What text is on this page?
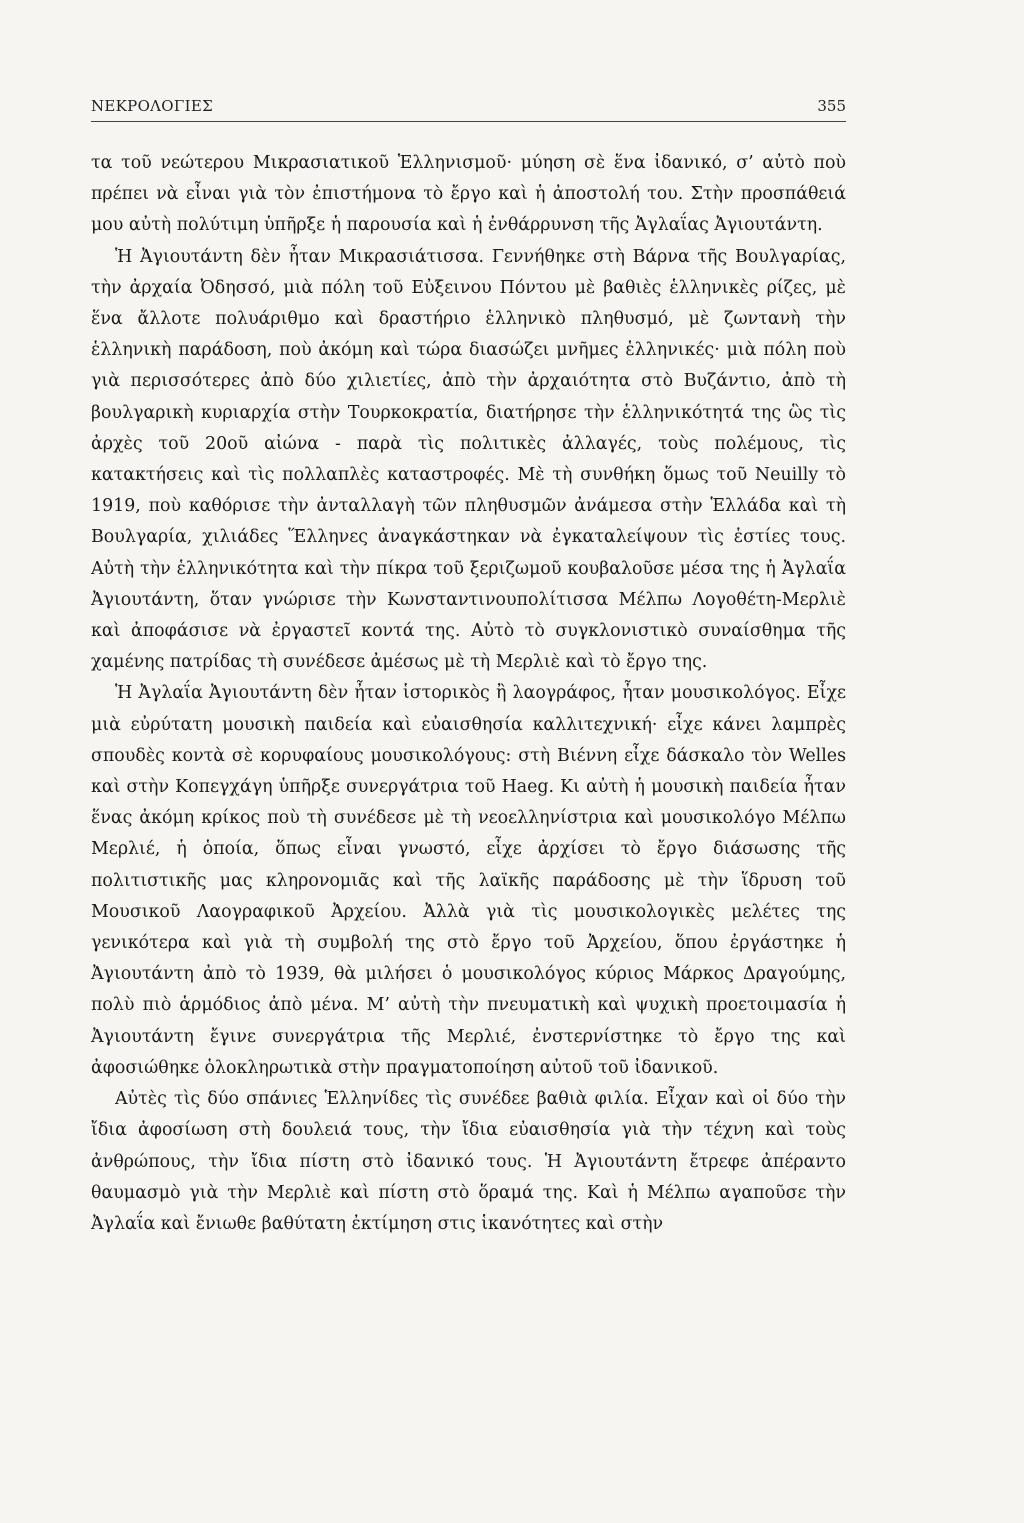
ΝΕΚΡΟΛΟΓΙΕΣ	355

τα τοῦ νεώτερου Μικρασιατικοῦ Ἑλληνισμοῦ· μύηση σὲ ἕνα ἰδανικό, σ’ αὐτὸ ποὺ πρέπει νὰ εἶναι γιὰ τὸν ἐπιστήμονα τὸ ἔργο καὶ ἡ ἀποστολή του. Στὴν προσπάθειά μου αὐτὴ πολύτιμη ὑπῆρξε ἡ παρουσία καὶ ἡ ἐνθάρρυνση τῆς Ἀγλαΐας Ἀγιουτάντη.

Ἡ Ἀγιουτάντη δὲν ἦταν Μικρασιάτισσα. Γεννήθηκε στὴ Βάρνα τῆς Βουλγαρίας, τὴν ἀρχαία Ὀδησσό, μιὰ πόλη τοῦ Εὐξεινου Πόντου μὲ βαθιὲς ἑλληνικὲς ρίζες, μὲ ἕνα ἄλλοτε πολυάριθμο καὶ δραστήριο ἑλληνικὸ πληθυσμό, μὲ ζωντανὴ τὴν ἑλληνικὴ παράδοση, ποὺ ἀκόμη καὶ τώρα διασώζει μνῆμες ἑλληνικές· μιὰ πόλη ποὺ γιὰ περισσότερες ἀπὸ δύο χιλιετίες, ἀπὸ τὴν ἀρχαιότητα στὸ Βυζάντιο, ἀπὸ τὴ βουλγαρικὴ κυριαρχία στὴν Τουρκοκρατία, διατήρησε τὴν ἑλληνικότητά της ὣς τὶς ἀρχὲς τοῦ 20οῦ αἰώνα - παρὰ τὶς πολιτικὲς ἀλλαγές, τοὺς πολέμους, τὶς κατακτήσεις καὶ τὶς πολλαπλὲς καταστροφές. Μὲ τὴ συνθήκη ὅμως τοῦ Neuilly τὸ 1919, ποὺ καθόρισε τὴν ἀνταλλαγὴ τῶν πληθυσμῶν ἀνάμεσα στὴν Ἑλλάδα καὶ τὴ Βουλγαρία, χιλιάδες Ἕλληνες ἀναγκάστηκαν νὰ ἐγκαταλείψουν τὶς ἑστίες τους. Αὐτὴ τὴν ἑλληνικότητα καὶ τὴν πίκρα τοῦ ξεριζωμοῦ κουβαλοῦσε μέσα της ἡ Ἀγλαΐα Ἀγιουτάντη, ὅταν γνώρισε τὴν Κωνσταντινουπολίτισσα Μέλπω Λογοθέτη-Μερλιὲ καὶ ἀποφάσισε νὰ ἐργαστεῖ κοντά της. Αὐτὸ τὸ συγκλονιστικὸ συναίσθημα τῆς χαμένης πατρίδας τὴ συνέδεσε ἀμέσως μὲ τὴ Μερλιὲ καὶ τὸ ἔργο της.

Ἡ Ἀγλαΐα Ἀγιουτάντη δὲν ἦταν ἱστορικὸς ἢ λαογράφος, ἦταν μουσικολόγος. Εἶχε μιὰ εὐρύτατη μουσικὴ παιδεία καὶ εὐαισθησία καλλιτεχνική· εἶχε κάνει λαμπρὲς σπουδὲς κοντὰ σὲ κορυφαίους μουσικολόγους: στὴ Βιέννη εἶχε δάσκαλο τὸν Welles καὶ στὴν Κοπεγχάγη ὑπῆρξε συνεργάτρια τοῦ Haeg. Κι αὐτὴ ἡ μουσικὴ παιδεία ἦταν ἕνας ἀκόμη κρίκος ποὺ τὴ συνέδεσε μὲ τὴ νεοελληνίστρια καὶ μουσικολόγο Μέλπω Μερλιέ, ἡ ὁποία, ὅπως εἶναι γνωστό, εἶχε ἀρχίσει τὸ ἔργο διάσωσης τῆς πολιτιστικῆς μας κληρονομιᾶς καὶ τῆς λαϊκῆς παράδοσης μὲ τὴν ἵδρυση τοῦ Μουσικοῦ Λαογραφικοῦ Ἀρχείου. Ἀλλὰ γιὰ τὶς μουσικολογικὲς μελέτες της γενικότερα καὶ γιὰ τὴ συμβολή της στὸ ἔργο τοῦ Ἀρχείου, ὅπου ἐργάστηκε ἡ Ἀγιουτάντη ἀπὸ τὸ 1939, θὰ μιλήσει ὁ μουσικολόγος κύριος Μάρκος Δραγούμης, πολὺ πιὸ ἁρμόδιος ἀπὸ μένα. Μ’ αὐτὴ τὴν πνευματικὴ καὶ ψυχικὴ προετοιμασία ἡ Ἀγιουτάντη ἔγινε συνεργάτρια τῆς Μερλιέ, ἐνστερνίστηκε τὸ ἔργο της καὶ ἀφοσιώθηκε ὁλοκληρωτικὰ στὴν πραγματοποίηση αὐτοῦ τοῦ ἰδανικοῦ.

Αὐτὲς τὶς δύο σπάνιες Ἑλληνίδες τὶς συνέδεε βαθιὰ φιλία. Εἶχαν καὶ οἱ δύο τὴν ἴδια ἀφοσίωση στὴ δουλειά τους, τὴν ἴδια εὐαισθησία γιὰ τὴν τέχνη καὶ τοὺς ἀνθρώπους, τὴν ἴδια πίστη στὸ ἰδανικό τους. Ἡ Ἀγιουτάντη ἔτρεφε ἀπέραντο θαυμασμὸ γιὰ τὴν Μερλιὲ καὶ πίστη στὸ ὅραμά της. Καὶ ἡ Μέλπω αγαποῦσε τὴν Ἀγλαΐα καὶ ἔνιωθε βαθύτατη ἐκτίμηση στις ἱκανότητες καὶ στὴν
